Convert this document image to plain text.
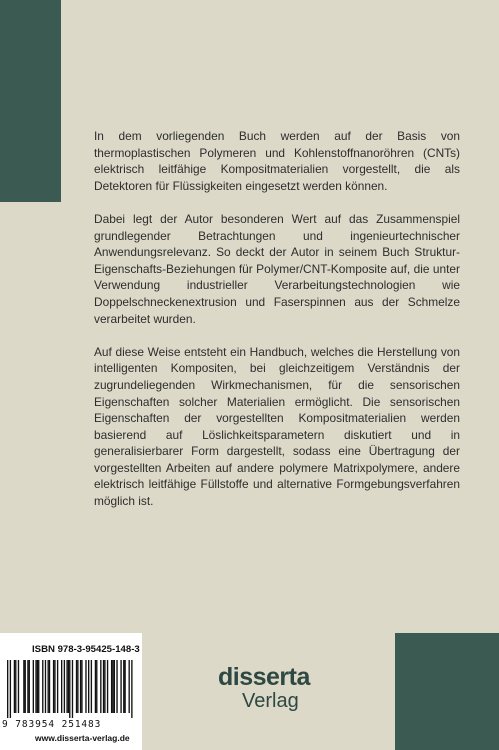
In dem vorliegenden Buch werden auf der Basis von thermoplastischen Polymeren und Kohlenstoffnanoröhren (CNTs) elektrisch leitfähige Kompositmaterialien vorgestellt, die als Detektoren für Flüssigkeiten eingesetzt werden können.

Dabei legt der Autor besonderen Wert auf das Zusammenspiel grundlegender Betrachtungen und ingenieurtechnischer Anwendungsrelevanz. So deckt der Autor in seinem Buch Struktur-Eigenschafts-Beziehungen für Polymer/CNT-Komposite auf, die unter Verwendung industrieller Verarbeitungstechnologien wie Doppelschneckenextrusion und Faserspinnen aus der Schmelze verarbeitet wurden.

Auf diese Weise entsteht ein Handbuch, welches die Herstellung von intelligenten Kompositen, bei gleichzeitigem Verständnis der zugrundeliegenden Wirkmechanismen, für die sensorischen Eigenschaften solcher Materialien ermöglicht. Die sensorischen Eigenschaften der vorgestellten Kompositmaterialien werden basierend auf Löslichkeitsparametern diskutiert und in generalisierbarer Form dargestellt, sodass eine Übertragung der vorgestellten Arbeiten auf andere polymere Matrixpolymere, andere elektrisch leitfähige Füllstoffe und alternative Formgebungsverfahren möglich ist.

ISBN 978-3-95425-148-3
9 783954 251483
www.disserta-verlag.de
disserta
Verlag
